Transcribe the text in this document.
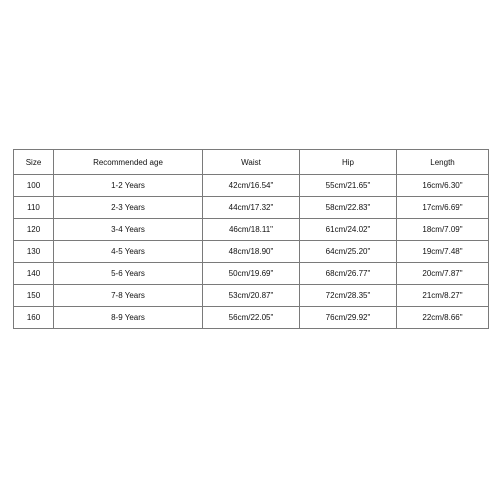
Size	Recommended age	Waist	Hip	Length
100	1-2 Years	42cm/16.54"	55cm/21.65"	16cm/6.30"
110	2-3 Years	44cm/17.32"	58cm/22.83"	17cm/6.69"
120	3-4 Years	46cm/18.11"	61cm/24.02"	18cm/7.09"
130	4-5 Years	48cm/18.90"	64cm/25.20"	19cm/7.48"
140	5-6 Years	50cm/19.69"	68cm/26.77"	20cm/7.87"
150	7-8 Years	53cm/20.87"	72cm/28.35"	21cm/8.27"
160	8-9 Years	56cm/22.05"	76cm/29.92"	22cm/8.66"
